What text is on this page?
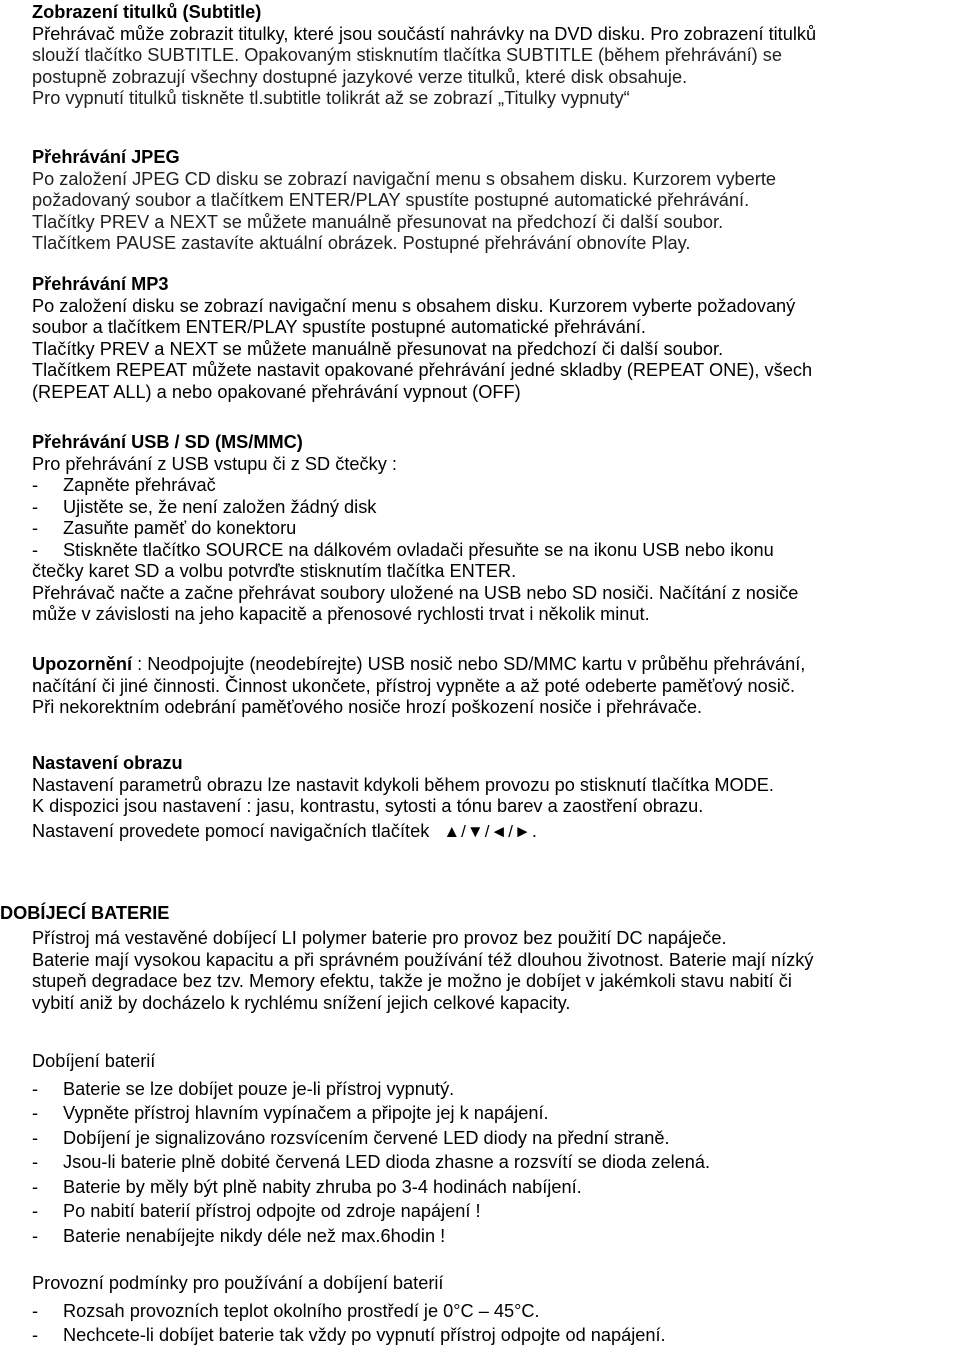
Zobrazení titulků (Subtitle)
Přehrávač může zobrazit titulky, které jsou součástí nahrávky na DVD disku. Pro zobrazení titulků
slouží tlačítko SUBTITLE. Opakovaným stisknutím tlačítka SUBTITLE (během přehrávání) se
postupně zobrazují všechny dostupné jazykové verze titulků, které disk obsahuje.
Pro vypnutí titulků tiskněte tl.subtitle tolikrát až se zobrazí „Titulky vypnuty“
Přehrávání JPEG
Po založení JPEG CD disku se zobrazí navigační menu s obsahem disku. Kurzorem vyberte
požadovaný soubor a tlačítkem ENTER/PLAY spustíte postupné automatické přehrávání.
Tlačítky PREV a NEXT se můžete manuálně přesunovat na předchozí či další soubor.
Tlačítkem PAUSE zastavíte aktuální obrázek. Postupné přehrávání obnovíte Play.
Přehrávání MP3
Po založení disku se zobrazí navigační menu s obsahem disku. Kurzorem vyberte požadovaný
soubor a tlačítkem ENTER/PLAY spustíte postupné automatické přehrávání.
Tlačítky PREV a NEXT se můžete manuálně přesunovat na předchozí či další soubor.
Tlačítkem REPEAT můžete nastavit opakované přehrávání jedné skladby (REPEAT ONE), všech
(REPEAT ALL) a nebo opakované přehrávání vypnout (OFF)
Přehrávání USB / SD (MS/MMC)
Pro přehrávání z USB vstupu či z SD čtečky :
-	Zapněte přehrávač
-	Ujistěte se, že není založen žádný disk
-	Zasuňte paměť do konektoru
-	Stiskněte tlačítko SOURCE na dálkovém ovladači přesuňte se na ikonu USB nebo ikonu
čtečky karet SD a volbu potvrďte stisknutím tlačítka ENTER.
Přehrávač načte a začne přehrávat soubory uložené na USB nebo SD nosiči. Načítání z nosiče
může v závislosti na jeho kapacitě a přenosové rychlosti trvat i několik minut.
Upozornění : Neodpojujte (neodebírejte) USB nosič nebo SD/MMC kartu v průběhu přehrávání,
načítání či jiné činnosti. Činnost ukončete, přístroj vypněte a až poté odeberte paměťový nosič.
Při nekorektním odebrání paměťového nosiče hrozí poškození nosiče i přehrávače.
Nastavení obrazu
Nastavení parametrů obrazu lze nastavit kdykoli během provozu po stisknutí tlačítka MODE.
K dispozici jsou nastavení : jasu, kontrastu, sytosti a tónu barev a zaostření obrazu.
Nastavení provedete pomocí navigačních tlačítek ▲/▼/◄/►.
DOBÍJECÍ BATERIE
Přístroj má vestavěné dobíjecí LI polymer baterie pro provoz bez použití DC napáječe.
Baterie mají vysokou kapacitu a při správném používání též dlouhou životnost. Baterie mají nízký
stupeň degradace bez tzv. Memory efektu, takže je možno je dobíjet v jakémkoli stavu nabití či
vybití aniž by docházelo k rychlému snížení jejich celkové kapacity.
Dobíjení baterií
-	Baterie se lze dobíjet pouze je-li přístroj vypnutý.
-	Vypněte přístroj hlavním vypínačem a připojte jej k napájení.
-	Dobíjení je signalizováno rozsvícením červené LED diody na přední straně.
-	Jsou-li baterie plně dobité červená LED dioda zhasne a rozsvítí se dioda zelená.
-	Baterie by měly být plně nabity zhruba po 3-4 hodinách nabíjení.
-	Po nabití baterií přístroj odpojte od zdroje napájení !
-	Baterie nenabíjejte nikdy déle než max.6hodin !
Provozní podmínky pro používání a dobíjení baterií
-	Rozsah provozních teplot okolního prostředí je 0°C – 45°C.
-	Nechcete-li dobíjet baterie tak vždy po vypnutí přístroj odpojte od napájení.
